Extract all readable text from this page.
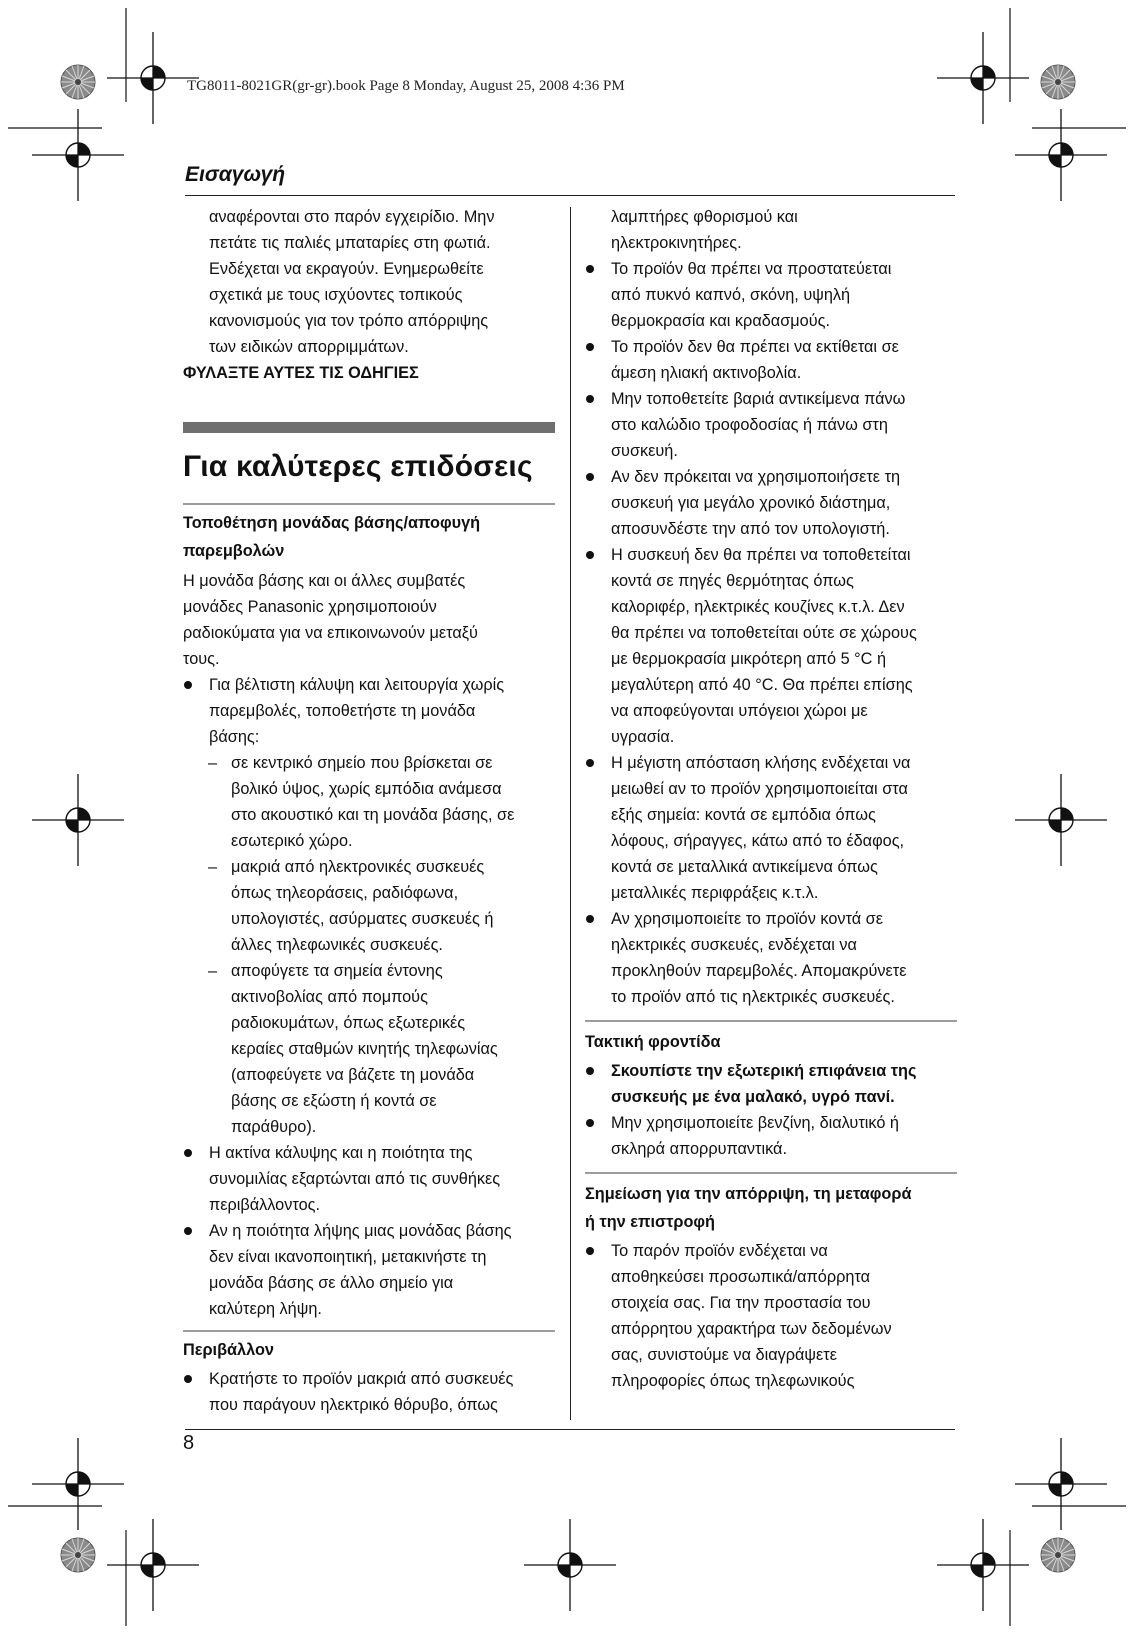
TG8011-8021GR(gr-gr).book Page 8 Monday, August 25, 2008 4:36 PM
Εισαγωγή
αναφέρονται στο παρόν εγχειρίδιο. Μην
πετάτε τις παλιές μπαταρίες στη φωτιά.
Ενδέχεται να εκραγούν. Ενημερωθείτε
σχετικά με τους ισχύοντες τοπικούς
κανονισμούς για τον τρόπο απόρριψης
των ειδικών απορριμμάτων.
ΦΥΛΑΞΤΕ ΑΥΤΕΣ ΤΙΣ ΟΔΗΓΙΕΣ
Για καλύτερες επιδόσεις
Τοποθέτηση μονάδας βάσης/αποφυγή
παρεμβολών
Η μονάδα βάσης και οι άλλες συμβατές
μονάδες Panasonic χρησιμοποιούν
ραδιοκύματα για να επικοινωνούν μεταξύ
τους.
Για βέλτιστη κάλυψη και λειτουργία χωρίς
παρεμβολές, τοποθετήστε τη μονάδα
βάσης:
– σε κεντρικό σημείο που βρίσκεται σε
βολικό ύψος, χωρίς εμπόδια ανάμεσα
στο ακουστικό και τη μονάδα βάσης, σε
εσωτερικό χώρο.
– μακριά από ηλεκτρονικές συσκευές
όπως τηλεοράσεις, ραδιόφωνα,
υπολογιστές, ασύρματες συσκευές ή
άλλες τηλεφωνικές συσκευές.
– αποφύγετε τα σημεία έντονης
ακτινοβολίας από πομπούς
ραδιοκυμάτων, όπως εξωτερικές
κεραίες σταθμών κινητής τηλεφωνίας
(αποφεύγετε να βάζετε τη μονάδα
βάσης σε εξώστη ή κοντά σε
παράθυρο).
Η ακτίνα κάλυψης και η ποιότητα της
συνομιλίας εξαρτώνται από τις συνθήκες
περιβάλλοντος.
Αν η ποιότητα λήψης μιας μονάδας βάσης
δεν είναι ικανοποιητική, μετακινήστε τη
μονάδα βάσης σε άλλο σημείο για
καλύτερη λήψη.
Περιβάλλον
Κρατήστε το προϊόν μακριά από συσκευές
που παράγουν ηλεκτρικό θόρυβο, όπως
λαμπτήρες φθορισμού και
ηλεκτροκινητήρες.
Το προϊόν θα πρέπει να προστατεύεται
από πυκνό καπνό, σκόνη, υψηλή
θερμοκρασία και κραδασμούς.
Το προϊόν δεν θα πρέπει να εκτίθεται σε
άμεση ηλιακή ακτινοβολία.
Μην τοποθετείτε βαριά αντικείμενα πάνω
στο καλώδιο τροφοδοσίας ή πάνω στη
συσκευή.
Αν δεν πρόκειται να χρησιμοποιήσετε τη
συσκευή για μεγάλο χρονικό διάστημα,
αποσυνδέστε την από τον υπολογιστή.
Η συσκευή δεν θα πρέπει να τοποθετείται
κοντά σε πηγές θερμότητας όπως
καλοριφέρ, ηλεκτρικές κουζίνες κ.τ.λ. Δεν
θα πρέπει να τοποθετείται ούτε σε χώρους
με θερμοκρασία μικρότερη από 5 °C ή
μεγαλύτερη από 40 °C. Θα πρέπει επίσης
να αποφεύγονται υπόγειοι χώροι με
υγρασία.
Η μέγιστη απόσταση κλήσης ενδέχεται να
μειωθεί αν το προϊόν χρησιμοποιείται στα
εξής σημεία: κοντά σε εμπόδια όπως
λόφους, σήραγγες, κάτω από το έδαφος,
κοντά σε μεταλλικά αντικείμενα όπως
μεταλλικές περιφράξεις κ.τ.λ.
Αν χρησιμοποιείτε το προϊόν κοντά σε
ηλεκτρικές συσκευές, ενδέχεται να
προκληθούν παρεμβολές. Απομακρύνετε
το προϊόν από τις ηλεκτρικές συσκευές.
Τακτική φροντίδα
Σκουπίστε την εξωτερική επιφάνεια της
συσκευής με ένα μαλακό, υγρό πανί.
Μην χρησιμοποιείτε βενζίνη, διαλυτικό ή
σκληρά απορρυπαντικά.
Σημείωση για την απόρριψη, τη μεταφορά
ή την επιστροφή
Το παρόν προϊόν ενδέχεται να
αποθηκεύσει προσωπικά/απόρρητα
στοιχεία σας. Για την προστασία του
απόρρητου χαρακτήρα των δεδομένων
σας, συνιστούμε να διαγράψετε
πληροφορίες όπως τηλεφωνικούς
8
